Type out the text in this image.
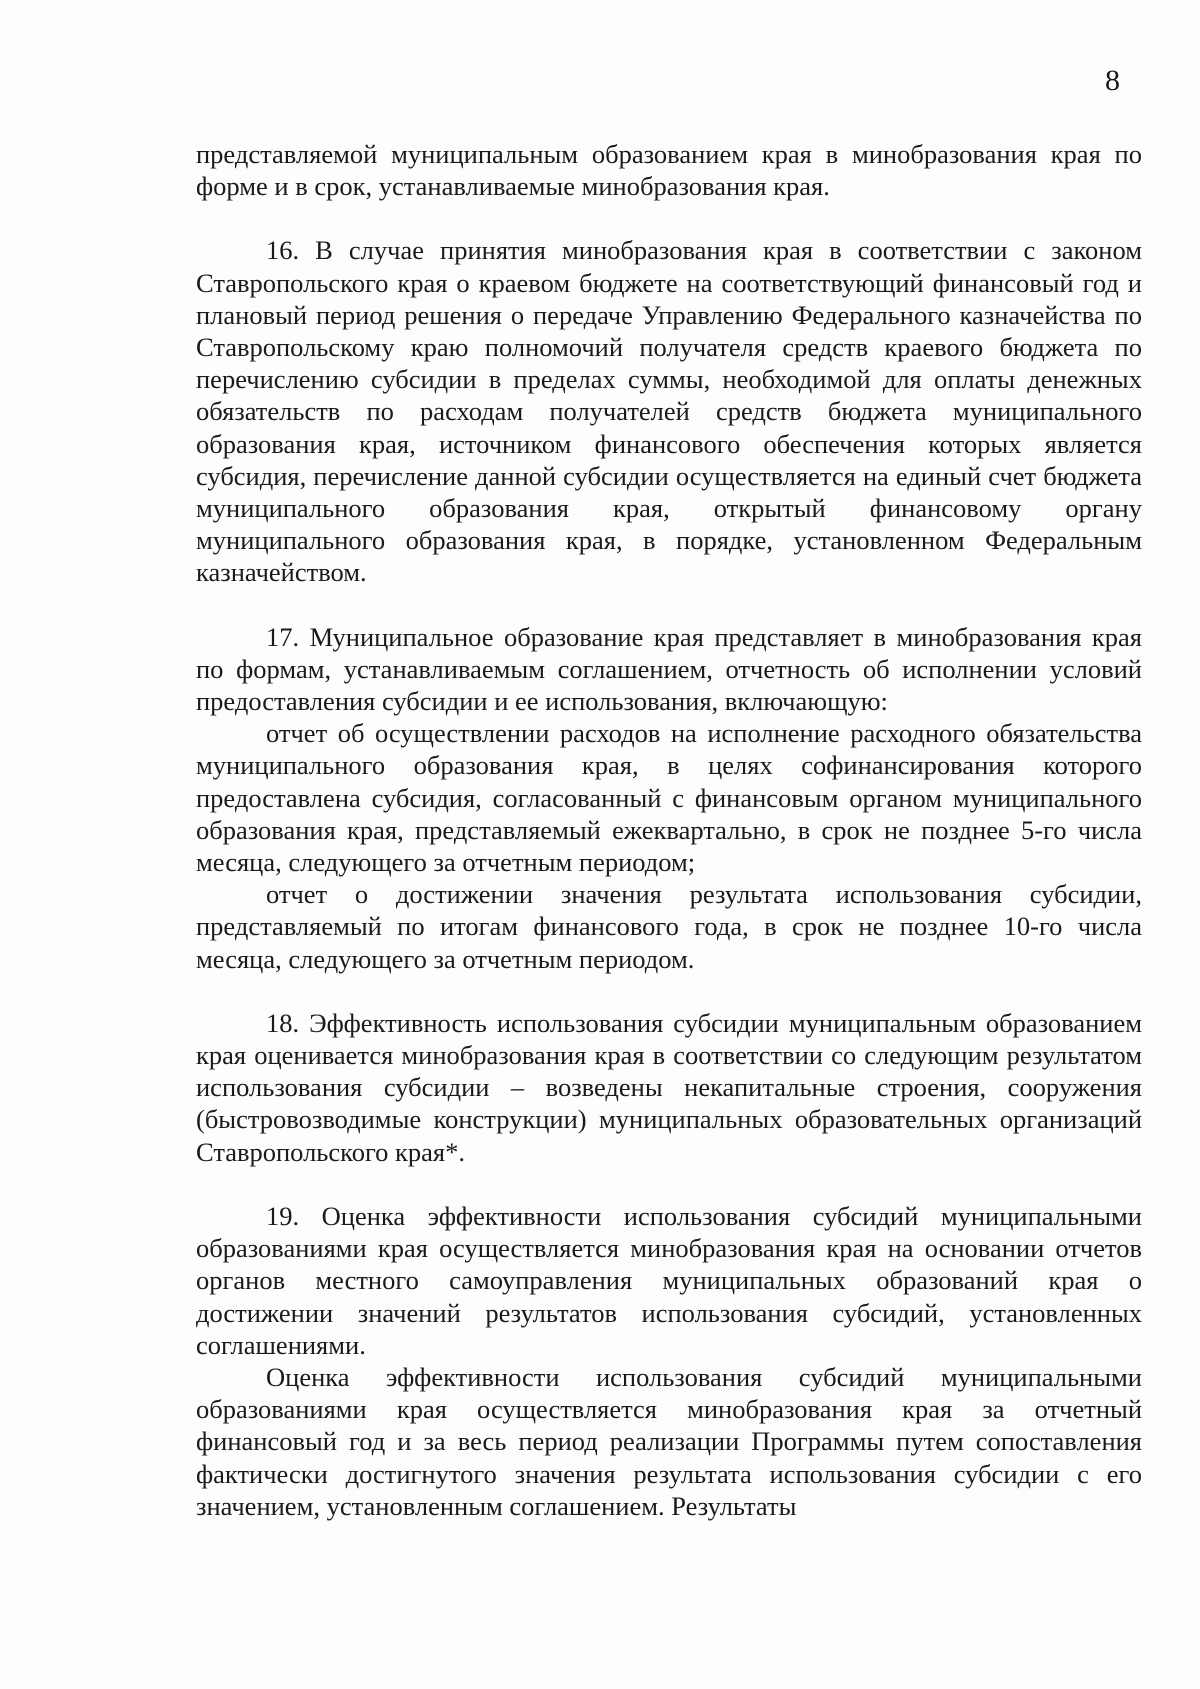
8

представляемой муниципальным образованием края в минобразования края по форме и в срок, устанавливаемые минобразования края.

16. В случае принятия минобразования края в соответствии с законом Ставропольского края о краевом бюджете на соответствующий финансовый год и плановый период решения о передаче Управлению Федерального казначейства по Ставропольскому краю полномочий получателя средств краевого бюджета по перечислению субсидии в пределах суммы, необходимой для оплаты денежных обязательств по расходам получателей средств бюджета муниципального образования края, источником финансового обеспечения которых является субсидия, перечисление данной субсидии осуществляется на единый счет бюджета муниципального образования края, открытый финансовому органу муниципального образования края, в порядке, установленном Федеральным казначейством.

17. Муниципальное образование края представляет в минобразования края по формам, устанавливаемым соглашением, отчетность об исполнении условий предоставления субсидии и ее использования, включающую:

отчет об осуществлении расходов на исполнение расходного обязательства муниципального образования края, в целях софинансирования которого предоставлена субсидия, согласованный с финансовым органом муниципального образования края, представляемый ежеквартально, в срок не позднее 5-го числа месяца, следующего за отчетным периодом;

отчет о достижении значения результата использования субсидии, представляемый по итогам финансового года, в срок не позднее 10-го числа месяца, следующего за отчетным периодом.

18. Эффективность использования субсидии муниципальным образованием края оценивается минобразования края в соответствии со следующим результатом использования субсидии – возведены некапитальные строения, сооружения (быстровозводимые конструкции) муниципальных образовательных организаций Ставропольского края*.

19. Оценка эффективности использования субсидий муниципальными образованиями края осуществляется минобразования края на основании отчетов органов местного самоуправления муниципальных образований края о достижении значений результатов использования субсидий, установленных соглашениями.

Оценка эффективности использования субсидий муниципальными образованиями края осуществляется минобразования края за отчетный финансовый год и за весь период реализации Программы путем сопоставления фактически достигнутого значения результата использования субсидии с его значением, установленным соглашением. Результаты
